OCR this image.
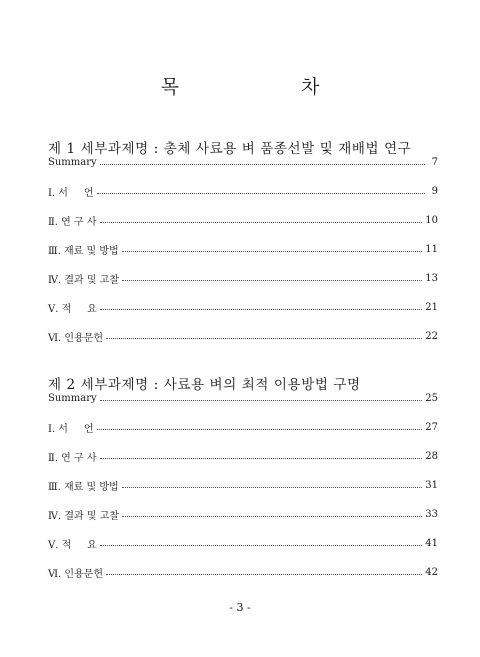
목 차
제 1 세부과제명 : 총체 사료용 벼 품종선발 및 재배법 연구
Summary	7
Ⅰ. 서     언	9
Ⅱ. 연 구 사	10
Ⅲ. 재료 및 방법	11
Ⅳ. 결과 및 고찰	13
Ⅴ. 적     요	21
Ⅵ. 인용문헌	22
제 2 세부과제명 : 사료용 벼의 최적 이용방법 구명
Summary	25
Ⅰ. 서     언	27
Ⅱ. 연 구 사	28
Ⅲ. 재료 및 방법	31
Ⅳ. 결과 및 고찰	33
Ⅴ. 적     요	41
Ⅵ. 인용문헌	42
- 3 -
